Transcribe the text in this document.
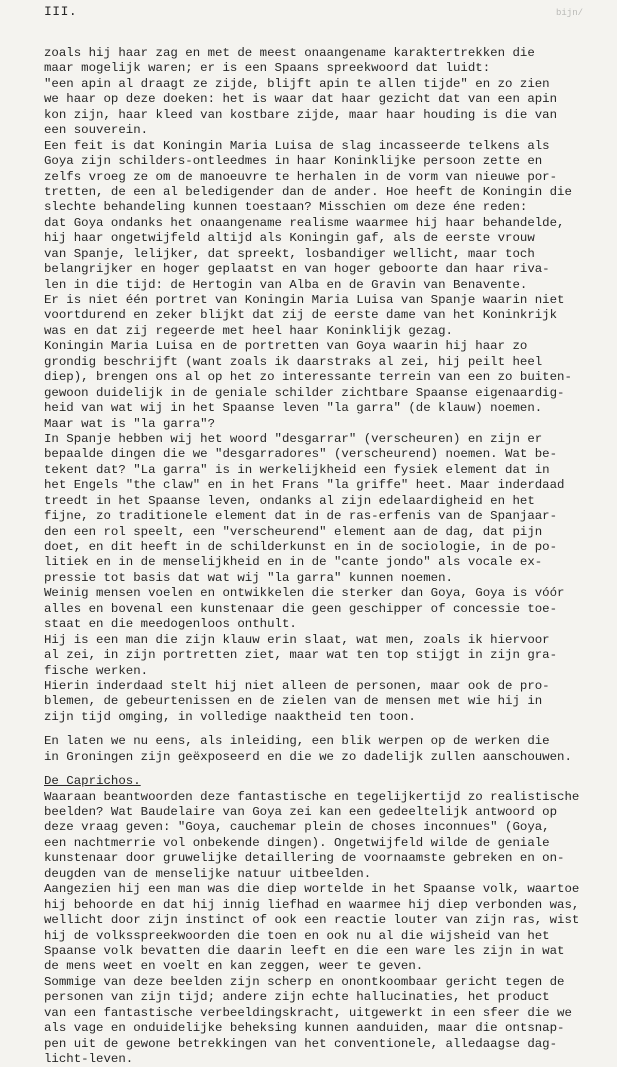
III.	bijn/
zoals hij haar zag en met de meest onaangename karaktertrekken die
maar mogelijk waren; er is een Spaans spreekwoord dat luidt:
"een apin al draagt ze zijde, blijft apin te allen tijde" en zo zien
we haar op deze doeken: het is waar dat haar gezicht dat van een apin
kon zijn, haar kleed van kostbare zijde, maar haar houding is die van
een souverein.
Een feit is dat Koningin Maria Luisa de slag incasseerde telkens als
Goya zijn schilders-ontleedmes in haar Koninklijke persoon zette en
zelfs vroeg ze om de manoeuvre te herhalen in de vorm van nieuwe por-
tretten, de een al beledigender dan de ander. Hoe heeft de Koningin die
slechte behandeling kunnen toestaan? Misschien om deze éne reden:
dat Goya ondanks het onaangename realisme waarmee hij haar behandelde,
hij haar ongetwijfeld altijd als Koningin gaf, als de eerste vrouw
van Spanje, lelijker, dat spreekt, losbandiger wellicht, maar toch
belangrijker en hoger geplaatst en van hoger geboorte dan haar riva-
len in die tijd: de Hertogin van Alba en de Gravin van Benavente.
Er is niet één portret van Koningin Maria Luisa van Spanje waarin niet
voortdurend en zeker blijkt dat zij de eerste dame van het Koninkrijk
was en dat zij regeerde met heel haar Koninklijk gezag.
Koningin Maria Luisa en de portretten van Goya waarin hij haar zo
grondig beschrijft (want zoals ik daarstraks al zei, hij peilt heel
diep), brengen ons al op het zo interessante terrein van een zo buiten-
gewoon duidelijk in de geniale schilder zichtbare Spaanse eigenaardig-
heid van wat wij in het Spaanse leven "la garra" (de klauw) noemen.
Maar wat is "la garra"?
In Spanje hebben wij het woord "desgarrar" (verscheuren) en zijn er
bepaalde dingen die we "desgarradores" (verscheurend) noemen. Wat be-
tekent dat? "La garra" is in werkelijkheid een fysiek element dat in
het Engels "the claw" en in het Frans "la griffe" heet. Maar inderdaad
treedt in het Spaanse leven, ondanks al zijn edelaardigheid en het
fijne, zo traditionele element dat in de ras-erfenis van de Spanjaar-
den een rol speelt, een "verscheurend" element aan de dag, dat pijn
doet, en dit heeft in de schilderkunst en in de sociologie, in de po-
litiek en in de menselijkheid en in de "cante jondo" als vocale ex-
pressie tot basis dat wat wij "la garra" kunnen noemen.
Weinig mensen voelen en ontwikkelen die sterker dan Goya, Goya is vóór
alles en bovenal een kunstenaar die geen geschipper of concessie toe-
staat en die meedogenloos onthult.
Hij is een man die zijn klauw erin slaat, wat men, zoals ik hiervoor
al zei, in zijn portretten ziet, maar wat ten top stijgt in zijn gra-
fische werken.
Hierin inderdaad stelt hij niet alleen de personen, maar ook de pro-
blemen, de gebeurtenissen en de zielen van de mensen met wie hij in
zijn tijd omging, in volledige naaktheid ten toon.
En laten we nu eens, als inleiding, een blik werpen op de werken die
in Groningen zijn geëxposeerd en die we zo dadelijk zullen aanschouwen.
De Caprichos.
Waaraan beantwoorden deze fantastische en tegelijkertijd zo realistische
beelden? Wat Baudelaire van Goya zei kan een gedeeltelijk antwoord op
deze vraag geven: "Goya, cauchemar plein de choses inconnues" (Goya,
een nachtmerrie vol onbekende dingen). Ongetwijfeld wilde de geniale
kunstenaar door gruwelijke detaillering de voornaamste gebreken en on-
deugden van de menselijke natuur uitbeelden.
Aangezien hij een man was die diep wortelde in het Spaanse volk, waartoe
hij behoorde en dat hij innig liefhad en waarmee hij diep verbonden was,
wellicht door zijn instinct of ook een reactie louter van zijn ras, wist
hij de volksspreekwoorden die toen en ook nu al die wijsheid van het
Spaanse volk bevatten die daarin leeft en die een ware les zijn in wat
de mens weet en voelt en kan zeggen, weer te geven.
Sommige van deze beelden zijn scherp en onontkoombaar gericht tegen de
personen van zijn tijd; andere zijn echte hallucinaties, het product
van een fantastische verbeeldingskracht, uitgewerkt in een sfeer die we
als vage en onduidelijke beheksing kunnen aanduiden, maar die ontsnap-
pen uit de gewone betrekkingen van het conventionele, alledaagse dag-
licht-leven.
